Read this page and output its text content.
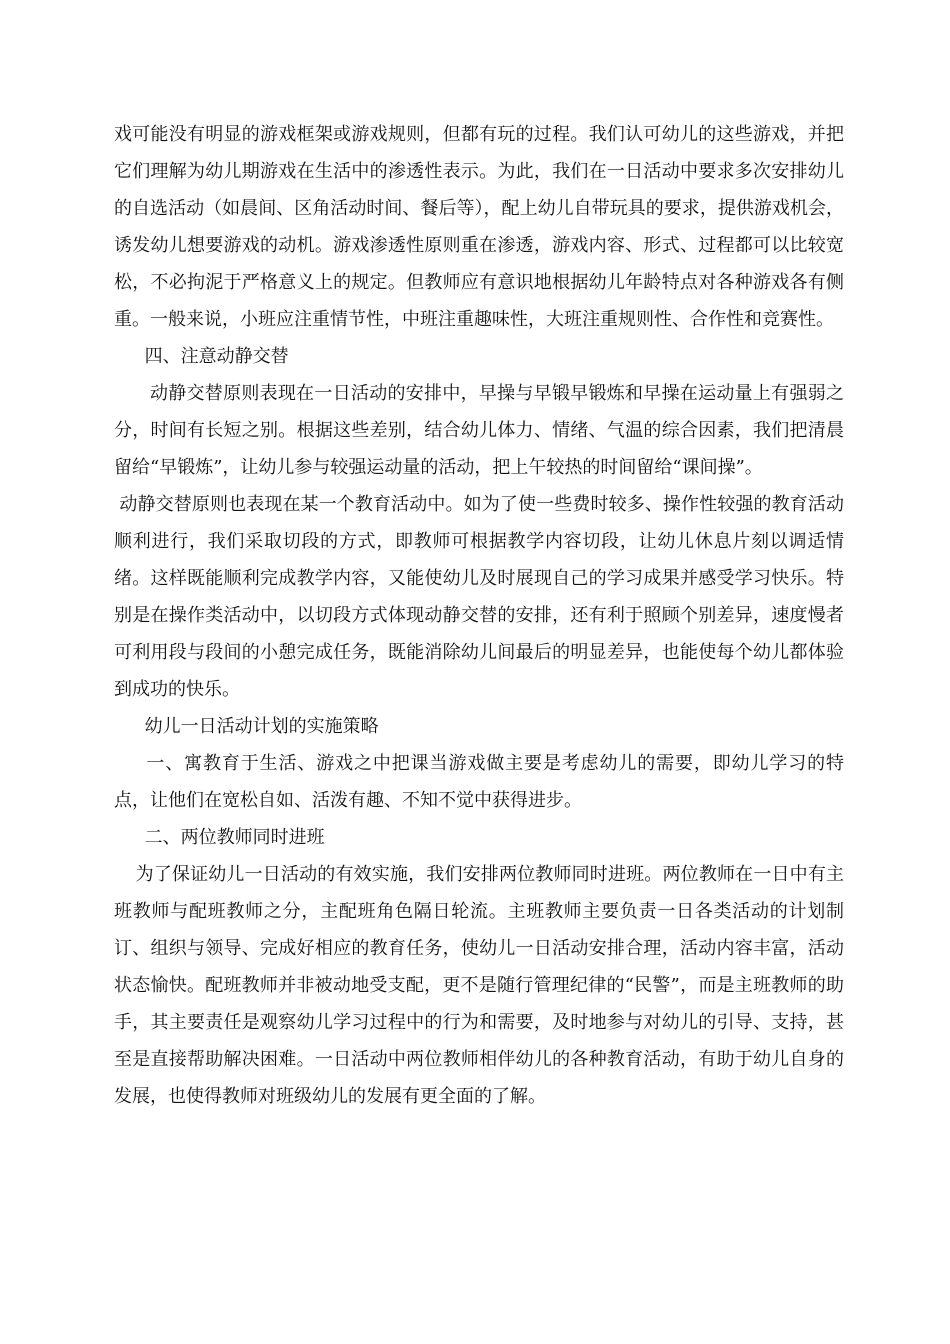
戏可能没有明显的游戏框架或游戏规则，但都有玩的过程。我们认可幼儿的这些游戏，并把它们理解为幼儿期游戏在生活中的渗透性表示。为此，我们在一日活动中要求多次安排幼儿的自选活动（如晨间、区角活动时间、餐后等），配上幼儿自带玩具的要求，提供游戏机会，诱发幼儿想要游戏的动机。游戏渗透性原则重在渗透，游戏内容、形式、过程都可以比较宽松，不必拘泥于严格意义上的规定。但教师应有意识地根据幼儿年龄特点对各种游戏各有侧重。一般来说，小班应注重情节性，中班注重趣味性，大班注重规则性、合作性和竞赛性。

四、注意动静交替

动静交替原则表现在一日活动的安排中，早操与早锻早锻炼和早操在运动量上有强弱之分，时间有长短之别。根据这些差别，结合幼儿体力、情绪、气温的综合因素，我们把清晨留给“早锻炼”，让幼儿参与较强运动量的活动，把上午较热的时间留给“课间操”。

动静交替原则也表现在某一个教育活动中。如为了使一些费时较多、操作性较强的教育活动顺利进行，我们采取切段的方式，即教师可根据教学内容切段，让幼儿休息片刻以调适情绪。这样既能顺利完成教学内容，又能使幼儿及时展现自己的学习成果并感受学习快乐。特别是在操作类活动中，以切段方式体现动静交替的安排，还有利于照顾个别差异，速度慢者可利用段与段间的小憩完成任务，既能消除幼儿间最后的明显差异，也能使每个幼儿都体验到成功的快乐。

幼儿一日活动计划的实施策略

一、寓教育于生活、游戏之中把课当游戏做主要是考虑幼儿的需要，即幼儿学习的特点，让他们在宽松自如、活泼有趣、不知不觉中获得进步。

二、两位教师同时进班

为了保证幼儿一日活动的有效实施，我们安排两位教师同时进班。两位教师在一日中有主班教师与配班教师之分，主配班角色隔日轮流。主班教师主要负责一日各类活动的计划制订、组织与领导、完成好相应的教育任务，使幼儿一日活动安排合理，活动内容丰富，活动状态愉快。配班教师并非被动地受支配，更不是随行管理纪律的“民警”，而是主班教师的助手，其主要责任是观察幼儿学习过程中的行为和需要，及时地参与对幼儿的引导、支持，甚至是直接帮助解决困难。一日活动中两位教师相伴幼儿的各种教育活动，有助于幼儿自身的发展，也使得教师对班级幼儿的发展有更全面的了解。
